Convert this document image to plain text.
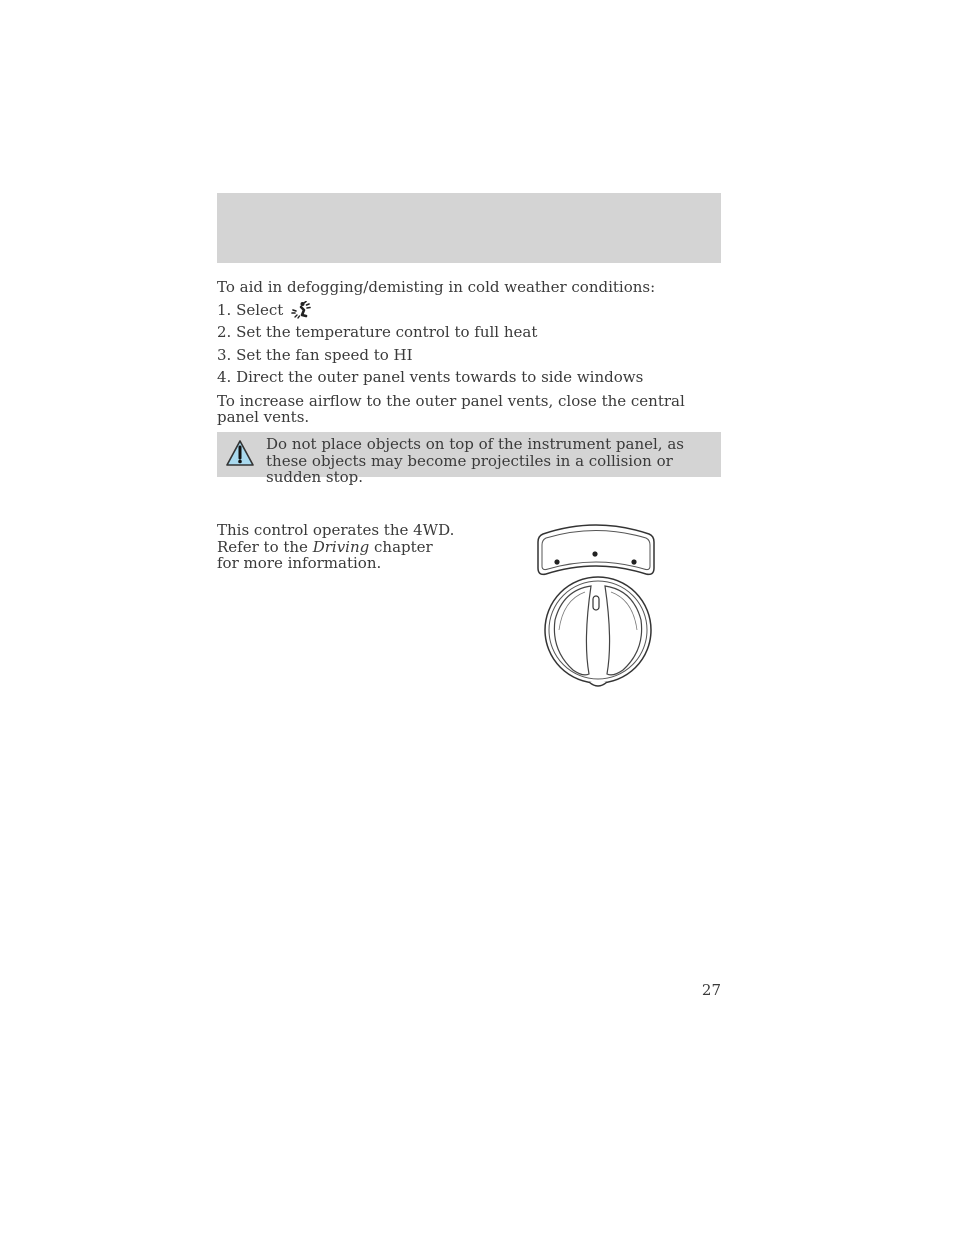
To aid in defogging/demisting in cold weather conditions:

1. Select

2. Set the temperature control to full heat

3. Set the fan speed to HI

4. Direct the outer panel vents towards to side windows

To increase airflow to the outer panel vents, close the central panel vents.

Do not place objects on top of the instrument panel, as these objects may become projectiles in a collision or sudden stop.

This control operates the 4WD. Refer to the Driving chapter for more information.

27
